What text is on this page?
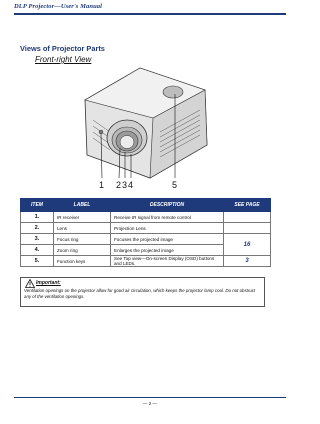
DLP Projector—User's Manual
Views of Projector Parts
Front-right View
1 2 3 4	5
ITEM	LABEL	DESCRIPTION	SEE PAGE
1.	IR receiver	Receive IR signal from remote control	
2.	Lens	Projection Lens	
3.	Focus ring	Focuses the projected image	16
4.	Zoom ring	Enlarges the projected image	
5.	Function keys	See Top view—On-screen Display (OSD) buttons and LEDs.	3
Important:
Ventilation openings on the projector allow for good air circulation, which keeps the projector lamp cool. Do not obstruct any of the ventilation openings.
— 2 —
